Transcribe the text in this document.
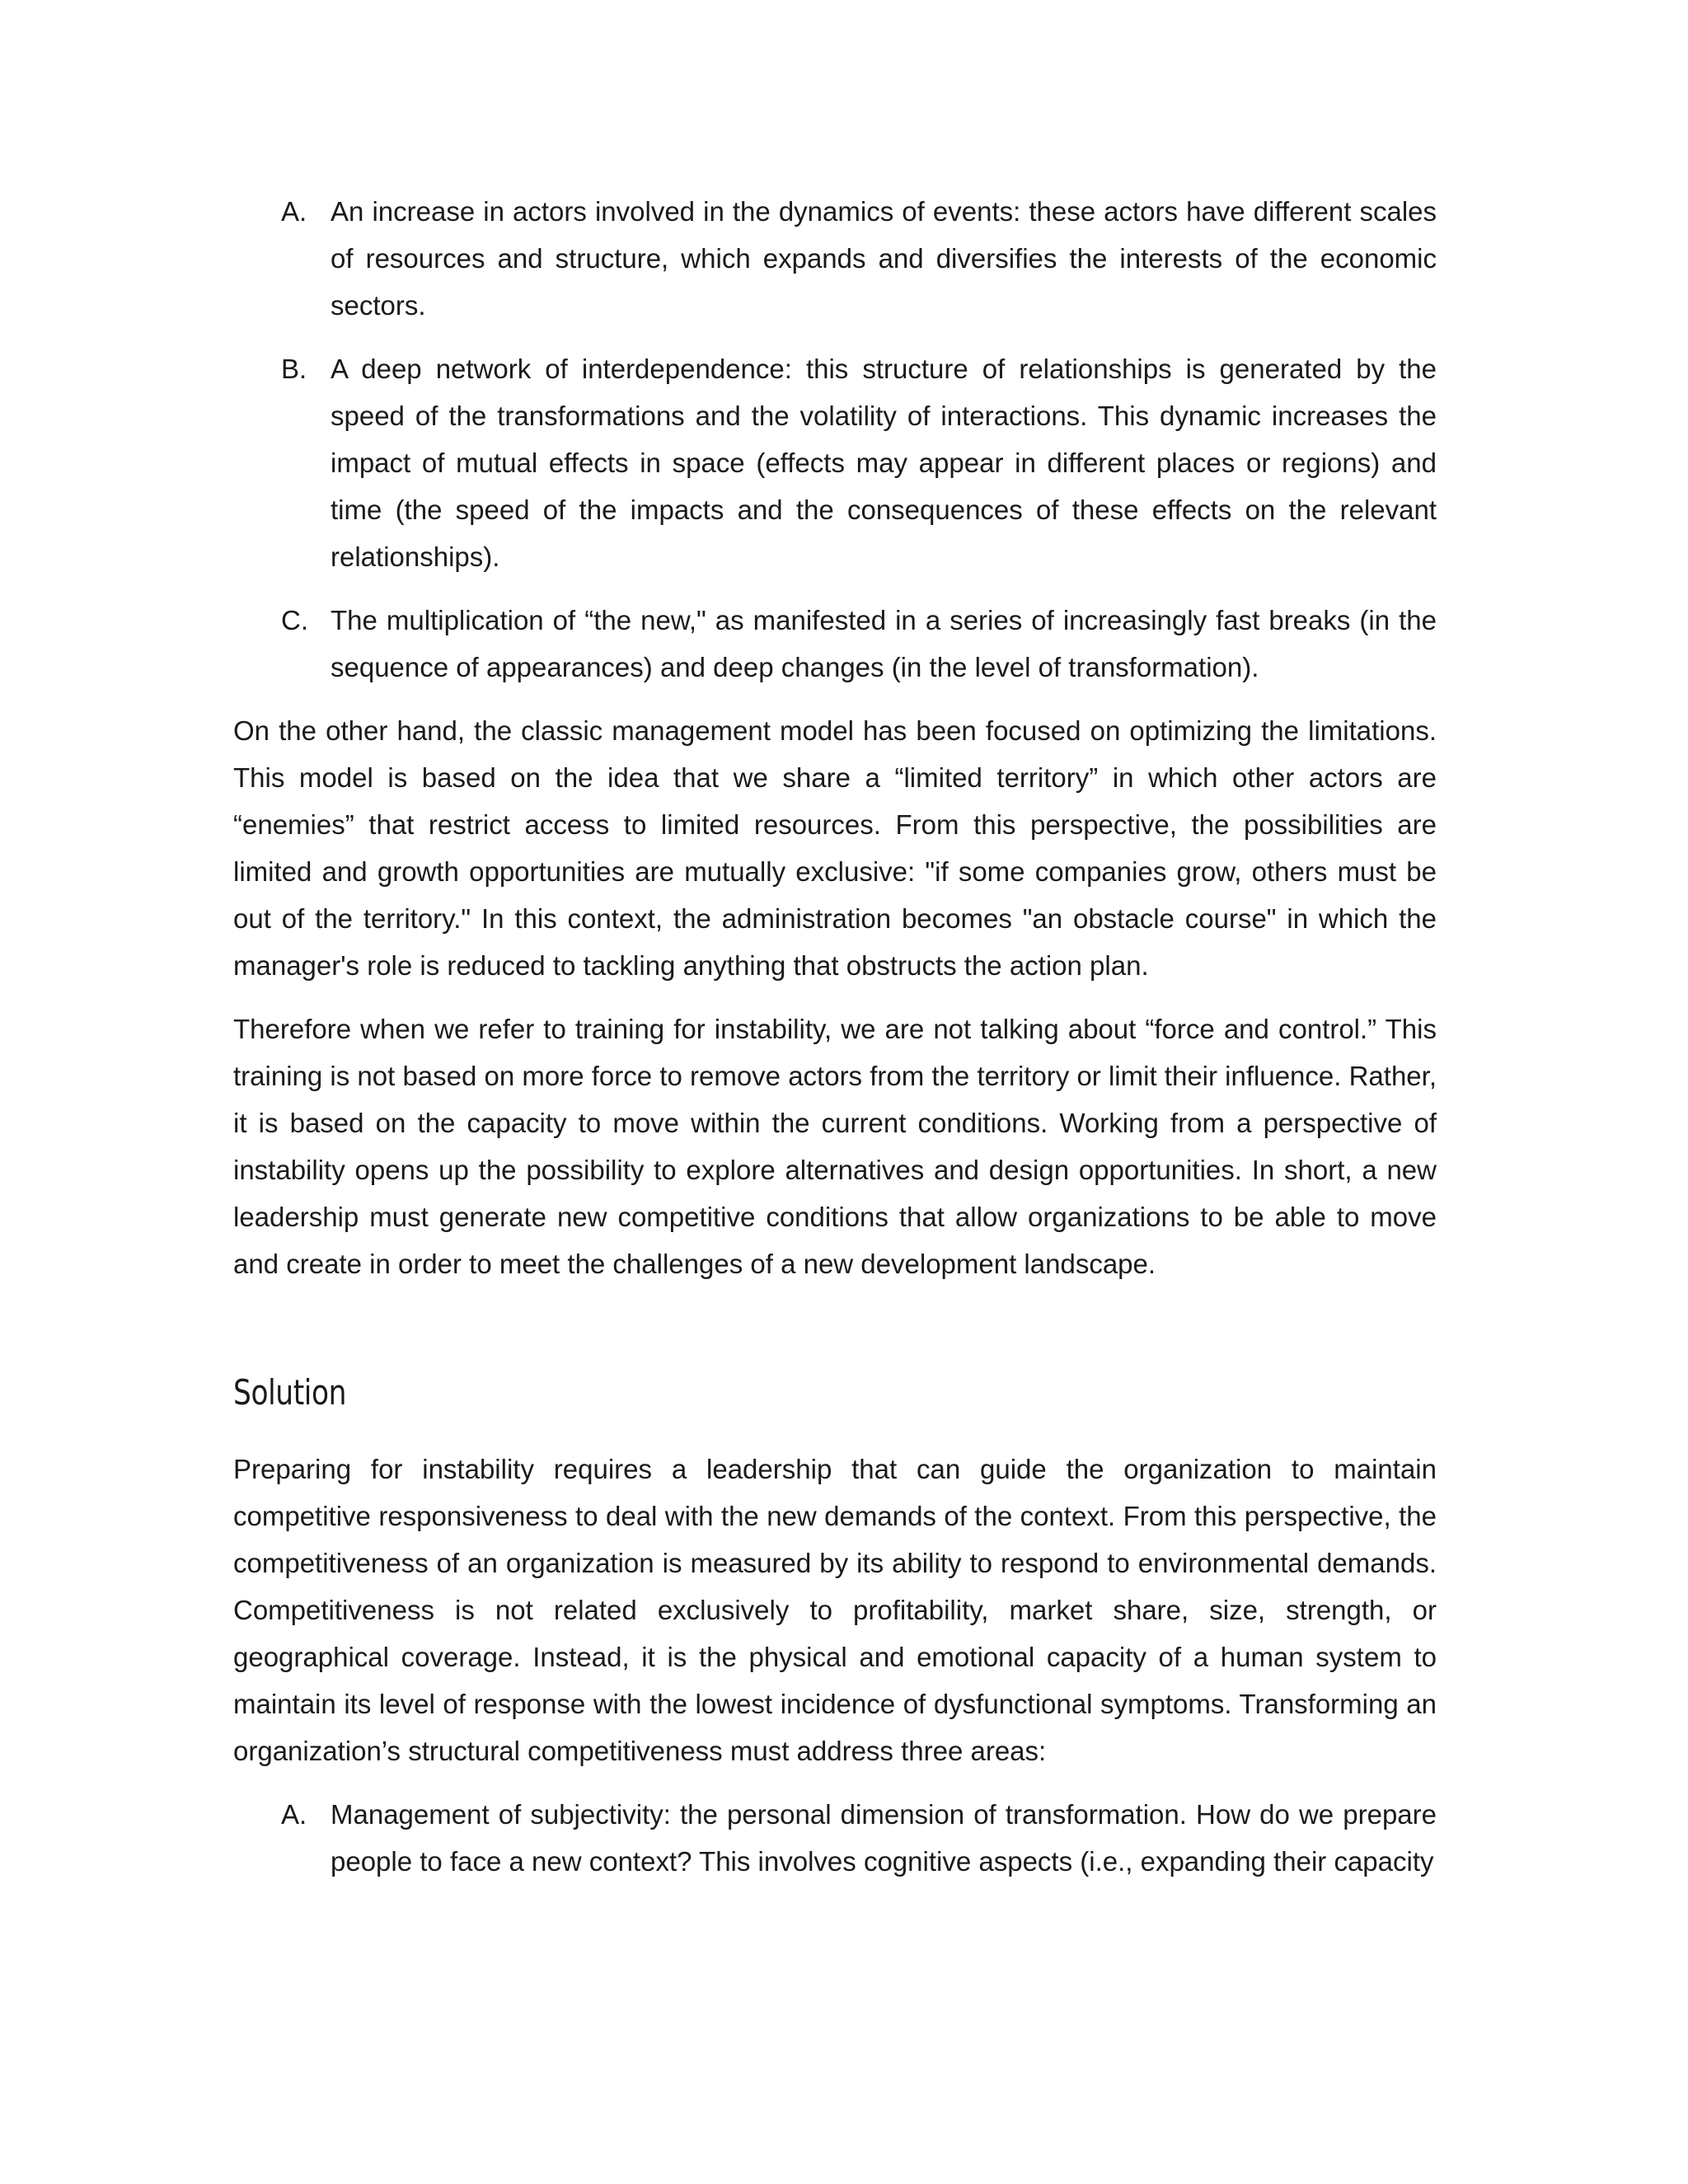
A. An increase in actors involved in the dynamics of events: these actors have different scales of resources and structure, which expands and diversifies the interests of the economic sectors.
B. A deep network of interdependence: this structure of relationships is generated by the speed of the transformations and the volatility of interactions. This dynamic increases the impact of mutual effects in space (effects may appear in different places or regions) and time (the speed of the impacts and the consequences of these effects on the relevant relationships).
C. The multiplication of “the new," as manifested in a series of increasingly fast breaks (in the sequence of appearances) and deep changes (in the level of transformation).

On the other hand, the classic management model has been focused on optimizing the limitations. This model is based on the idea that we share a “limited territory” in which other actors are “enemies” that restrict access to limited resources. From this perspective, the possibilities are limited and growth opportunities are mutually exclusive: "if some companies grow, others must be out of the territory." In this context, the administration becomes "an obstacle course" in which the manager's role is reduced to tackling anything that obstructs the action plan.

Therefore when we refer to training for instability, we are not talking about “force and control.” This training is not based on more force to remove actors from the territory or limit their influence. Rather, it is based on the capacity to move within the current conditions. Working from a perspective of instability opens up the possibility to explore alternatives and design opportunities. In short, a new leadership must generate new competitive conditions that allow organizations to be able to move and create in order to meet the challenges of a new development landscape.

Solution

Preparing for instability requires a leadership that can guide the organization to maintain competitive responsiveness to deal with the new demands of the context. From this perspective, the competitiveness of an organization is measured by its ability to respond to environmental demands. Competitiveness is not related exclusively to profitability, market share, size, strength, or geographical coverage. Instead, it is the physical and emotional capacity of a human system to maintain its level of response with the lowest incidence of dysfunctional symptoms. Transforming an organization’s structural competitiveness must address three areas:

A. Management of subjectivity: the personal dimension of transformation. How do we prepare people to face a new context? This involves cognitive aspects (i.e., expanding their capacity
